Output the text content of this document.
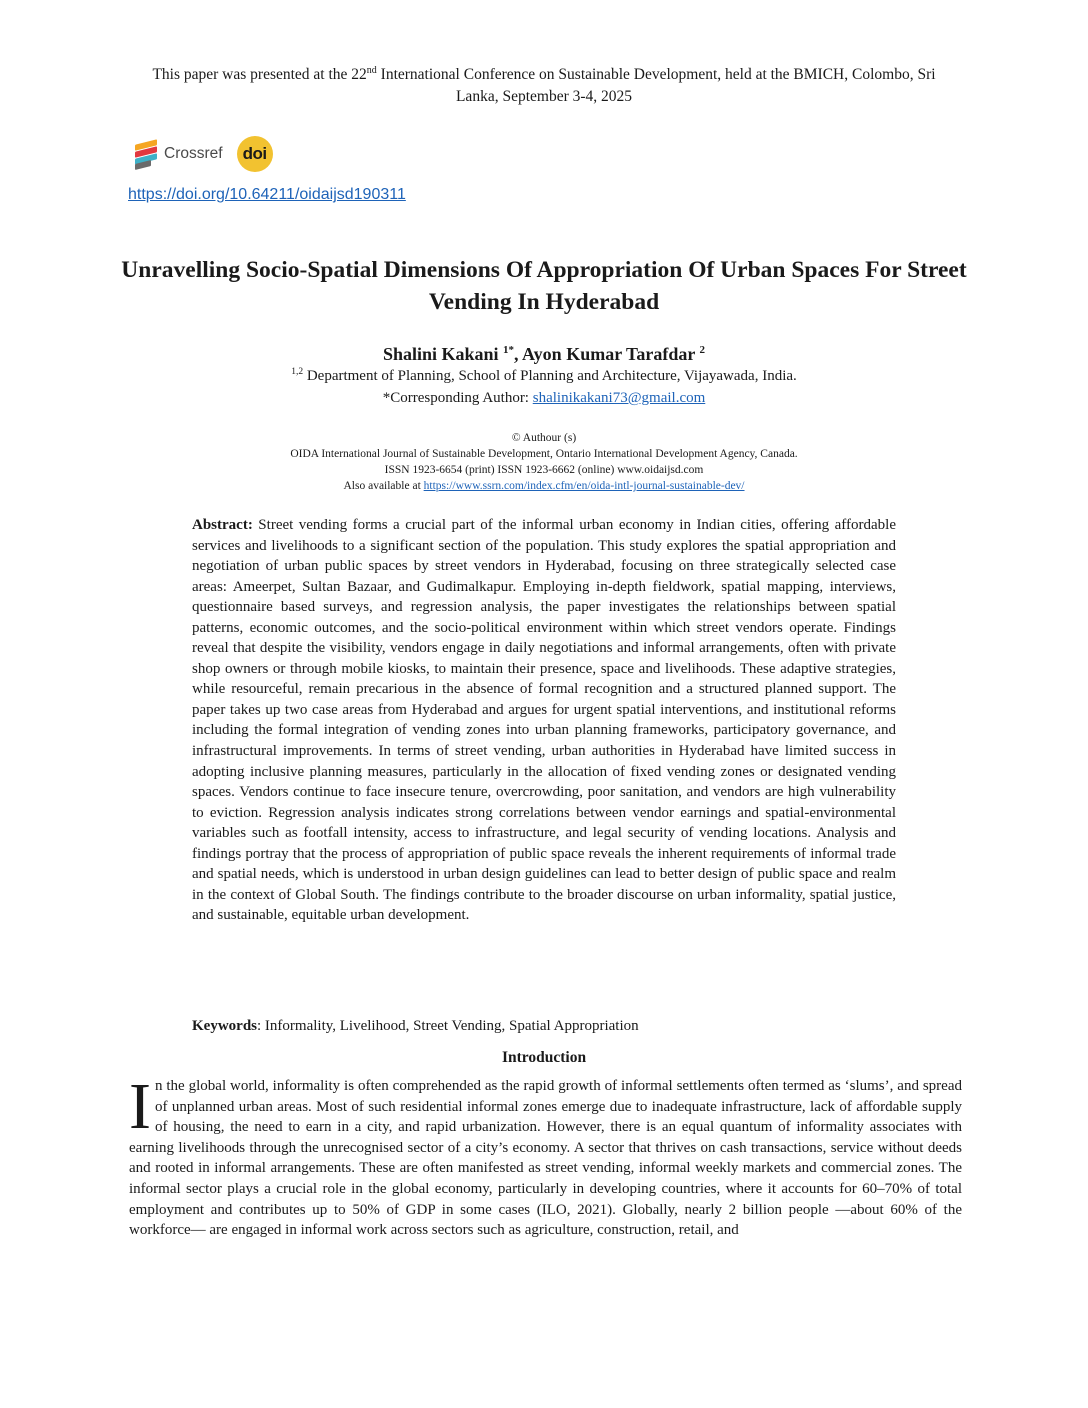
This paper was presented at the 22nd International Conference on Sustainable Development, held at the BMICH, Colombo, Sri Lanka, September 3-4, 2025
Crossref doi
https://doi.org/10.64211/oidaijsd190311
Unravelling Socio-Spatial Dimensions Of Appropriation Of Urban Spaces For Street Vending In Hyderabad
Shalini Kakani $^{1*}$, Ayon Kumar Tarafdar $^2$
$^{1,2}$ Department of Planning, School of Planning and Architecture, Vijayawada, India.
*Corresponding Author: shalinikakani73@gmail.com
© Authour (s)
OIDA International Journal of Sustainable Development, Ontario International Development Agency, Canada.
ISSN 1923-6654 (print) ISSN 1923-6662 (online) www.oidaijsd.com
Also available at https://www.ssrn.com/index.cfm/en/oida-intl-journal-sustainable-dev/
Abstract: Street vending forms a crucial part of the informal urban economy in Indian cities, offering affordable services and livelihoods to a significant section of the population. This study explores the spatial appropriation and negotiation of urban public spaces by street vendors in Hyderabad, focusing on three strategically selected case areas: Ameerpet, Sultan Bazaar, and Gudimalkapur. Employing in-depth fieldwork, spatial mapping, interviews, questionnaire based surveys, and regression analysis, the paper investigates the relationships between spatial patterns, economic outcomes, and the socio-political environment within which street vendors operate. Findings reveal that despite the visibility, vendors engage in daily negotiations and informal arrangements, often with private shop owners or through mobile kiosks, to maintain their presence, space and livelihoods. These adaptive strategies, while resourceful, remain precarious in the absence of formal recognition and a structured planned support. The paper takes up two case areas from Hyderabad and argues for urgent spatial interventions, and institutional reforms including the formal integration of vending zones into urban planning frameworks, participatory governance, and infrastructural improvements. In terms of street vending, urban authorities in Hyderabad have limited success in adopting inclusive planning measures, particularly in the allocation of fixed vending zones or designated vending spaces. Vendors continue to face insecure tenure, overcrowding, poor sanitation, and vendors are high vulnerability to eviction. Regression analysis indicates strong correlations between vendor earnings and spatial-environmental variables such as footfall intensity, access to infrastructure, and legal security of vending locations. Analysis and findings portray that the process of appropriation of public space reveals the inherent requirements of informal trade and spatial needs, which is understood in urban design guidelines can lead to better design of public space and realm in the context of Global South. The findings contribute to the broader discourse on urban informality, spatial justice, and sustainable, equitable urban development.
Keywords: Informality, Livelihood, Street Vending, Spatial Appropriation
Introduction
In the global world, informality is often comprehended as the rapid growth of informal settlements often termed as ‘slums’, and spread of unplanned urban areas. Most of such residential informal zones emerge due to inadequate infrastructure, lack of affordable supply of housing, the need to earn in a city, and rapid urbanization. However, there is an equal quantum of informality associates with earning livelihoods through the unrecognised sector of a city’s economy. A sector that thrives on cash transactions, service without deeds and rooted in informal arrangements. These are often manifested as street vending, informal weekly markets and commercial zones. The informal sector plays a crucial role in the global economy, particularly in developing countries, where it accounts for 60–70% of total employment and contributes up to 50% of GDP in some cases (ILO, 2021). Globally, nearly 2 billion people —about 60% of the workforce— are engaged in informal work across sectors such as agriculture, construction, retail, and
